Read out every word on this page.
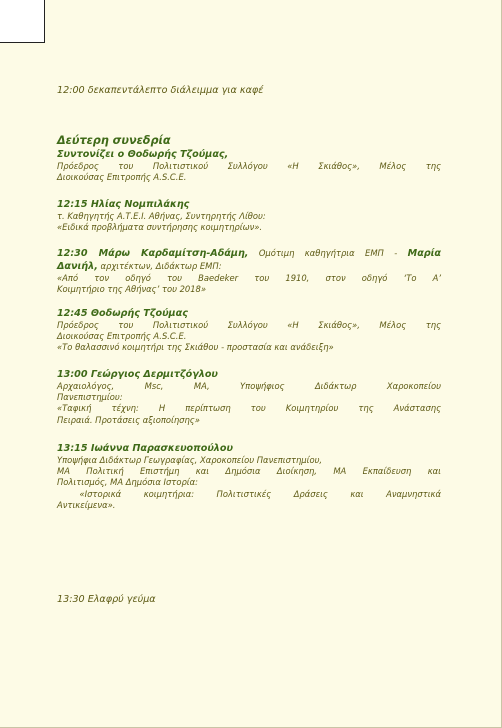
12:00 δεκαπεντάλεπτο διάλειμμα για καφέ
Δεύτερη συνεδρία
Συντονίζει ο Θοδωρής Τζούμας,
Πρόεδρος του Πολιτιστικού Συλλόγου «Η Σκιάθος», Μέλος της
Διοικούσας Επιτροπής A.S.C.E.
12:15 Ηλίας Νομπιλάκης
τ. Καθηγητής Α.Τ.Ε.Ι. Αθήνας, Συντηρητής Λίθου:
«Ειδικά προβλήματα συντήρησης κοιμητηρίων».
12:30 Μάρω Καρδαμίτση-Αδάμη, Ομότιμη καθηγήτρια ΕΜΠ - Μαρία
Δανιήλ, αρχιτέκτων, Διδάκτωρ ΕΜΠ:
«Από τον οδηγό του Baedeker του 1910, στον οδηγό ‘Το Α’
Κοιμητήριο της Αθήνας’ του 2018»
12:45 Θοδωρής Τζούμας
Πρόεδρος του Πολιτιστικού Συλλόγου «Η Σκιάθος», Μέλος της
Διοικούσας Επιτροπής A.S.C.E.
«Το θαλασσινό κοιμητήρι της Σκιάθου - προστασία και ανάδειξη»
13:00 Γεώργιος Δερμιτζόγλου
Αρχαιολόγος, Msc, MA, Υποψήφιος Διδάκτωρ Χαροκοπείου
Πανεπιστημίου:
«Ταφική τέχνη: Η περίπτωση του Κοιμητηρίου της Ανάστασης
Πειραιά. Προτάσεις αξιοποίησης»
13:15 Ιωάννα Παρασκευοπούλου
Υποψήφια Διδάκτωρ Γεωγραφίας, Χαροκοπείου Πανεπιστημίου,
ΜΑ Πολιτική Επιστήμη και Δημόσια Διοίκηση, ΜΑ Εκπαίδευση και
Πολιτισμός, ΜΑ Δημόσια Ιστορία:
«Ιστορικά κοιμητήρια: Πολιτιστικές Δράσεις και Αναμνηστικά
Αντικείμενα».
13:30 Ελαφρύ γεύμα
